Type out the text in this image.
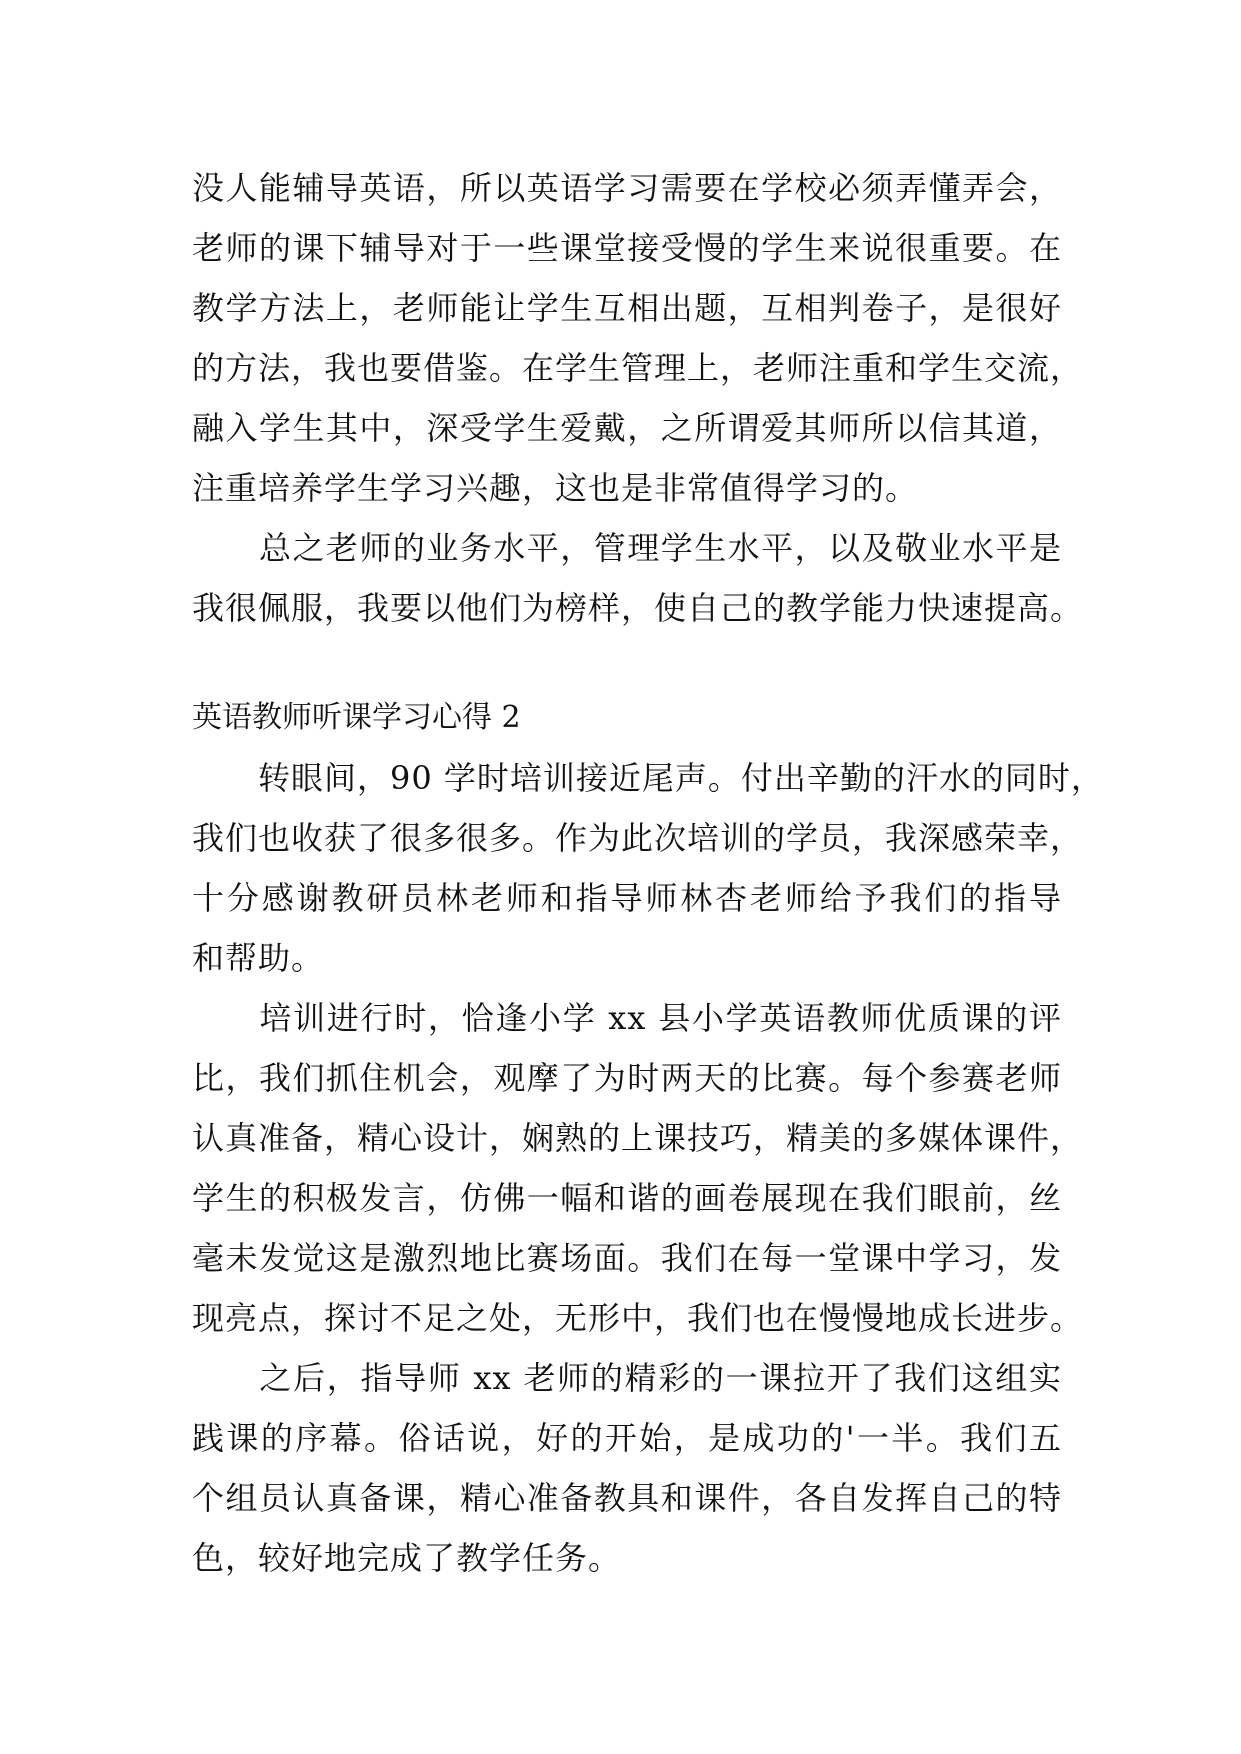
没人能辅导英语，所以英语学习需要在学校必须弄懂弄会，
老师的课下辅导对于一些课堂接受慢的学生来说很重要。在
教学方法上，老师能让学生互相出题，互相判卷子，是很好
的方法，我也要借鉴。在学生管理上，老师注重和学生交流，
融入学生其中，深受学生爱戴，之所谓爱其师所以信其道，
注重培养学生学习兴趣，这也是非常值得学习的。
　　总之老师的业务水平，管理学生水平，以及敬业水平是
我很佩服，我要以他们为榜样，使自己的教学能力快速提高。
英语教师听课学习心得 2
　　转眼间，90 学时培训接近尾声。付出辛勤的汗水的同时，
我们也收获了很多很多。作为此次培训的学员，我深感荣幸，
十分感谢教研员林老师和指导师林杏老师给予我们的指导
和帮助。
　　培训进行时，恰逢小学 xx 县小学英语教师优质课的评
比，我们抓住机会，观摩了为时两天的比赛。每个参赛老师
认真准备，精心设计，娴熟的上课技巧，精美的多媒体课件，
学生的积极发言，仿佛一幅和谐的画卷展现在我们眼前，丝
毫未发觉这是激烈地比赛场面。我们在每一堂课中学习，发
现亮点，探讨不足之处，无形中，我们也在慢慢地成长进步。
　　之后，指导师 xx 老师的精彩的一课拉开了我们这组实
践课的序幕。俗话说，好的开始，是成功的'一半。我们五
个组员认真备课，精心准备教具和课件，各自发挥自己的特
色，较好地完成了教学任务。
